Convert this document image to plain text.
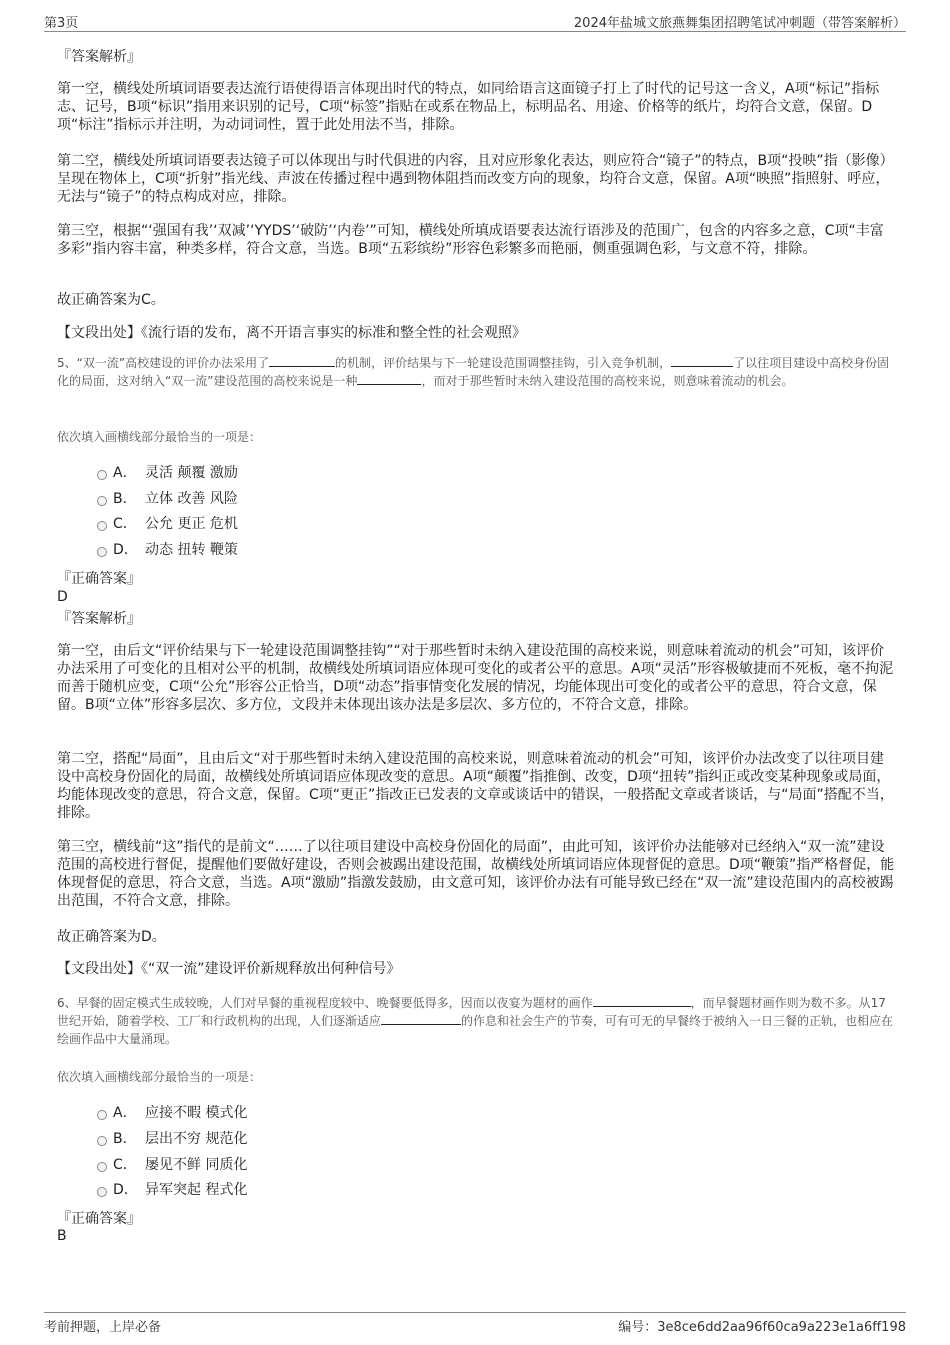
第3页	2024年盐城文旅燕舞集团招聘笔试冲刺题（带答案解析）
『答案解析』
第一空，横线处所填词语要表达流行语使得语言体现出时代的特点，如同给语言这面镜子打上了时代的记号这一含义，A项“标记”指标志、记号，B项“标识”指用来识别的记号，C项“标签”指贴在或系在物品上，标明品名、用途、价格等的纸片，均符合文意，保留。D项“标注”指标示并注明，为动词词性，置于此处用法不当，排除。
第二空，横线处所填词语要表达镜子可以体现出与时代俱进的内容，且对应形象化表达，则应符合“镜子”的特点，B项“投映”指（影像）呈现在物体上，C项“折射”指光线、声波在传播过程中遇到物体阻挡而改变方向的现象，均符合文意，保留。A项“映照”指照射、呼应，无法与“镜子”的特点构成对应，排除。
第三空，根据“‘强国有我’‘双减’‘YYDS’‘破防’‘内卷’”可知，横线处所填成语要表达流行语涉及的范围广，包含的内容多之意，C项“丰富多彩”指内容丰富，种类多样，符合文意，当选。B项“五彩缤纷”形容色彩繁多而艳丽，侧重强调色彩，与文意不符，排除。
故正确答案为C。
【文段出处】《流行语的发布，离不开语言事实的标准和整全性的社会观照》
5、“双一流”高校建设的评价办法采用了	的机制，评价结果与下一轮建设范围调整挂钩，引入竞争机制，	了以往项目建设中高校身份固化的局面，这对纳入“双一流”建设范围的高校来说是一种	，而对于那些暂时未纳入建设范围的高校来说，则意味着流动的机会。
依次填入画横线部分最恰当的一项是：
A． 灵活 颠覆 激励
B． 立体 改善 风险
C． 公允 更正 危机
D． 动态 扭转 鞭策
『正确答案』
D
『答案解析』
第一空，由后文“评价结果与下一轮建设范围调整挂钩”“对于那些暂时未纳入建设范围的高校来说，则意味着流动的机会”可知，该评价办法采用了可变化的且相对公平的机制，故横线处所填词语应体现可变化的或者公平的意思。A项“灵活”形容极敏捷而不死板，毫不拘泥而善于随机应变，C项“公允”形容公正恰当，D项“动态”指事情变化发展的情况，均能体现出可变化的或者公平的意思，符合文意，保留。B项“立体”形容多层次、多方位，文段并未体现出该办法是多层次、多方位的，不符合文意，排除。
第二空，搭配“局面”，且由后文“对于那些暂时未纳入建设范围的高校来说，则意味着流动的机会”可知，该评价办法改变了以往项目建设中高校身份固化的局面，故横线处所填词语应体现改变的意思。A项“颠覆”指推倒、改变，D项“扭转”指纠正或改变某种现象或局面，均能体现改变的意思，符合文意，保留。C项“更正”指改正已发表的文章或谈话中的错误，一般搭配文章或者谈话，与“局面”搭配不当，排除。
第三空，横线前“这”指代的是前文“……了以往项目建设中高校身份固化的局面”，由此可知，该评价办法能够对已经纳入“双一流”建设范围的高校进行督促，提醒他们要做好建设，否则会被踢出建设范围，故横线处所填词语应体现督促的意思。D项“鞭策”指严格督促，能体现督促的意思，符合文意，当选。A项“激励”指激发鼓励，由文意可知，该评价办法有可能导致已经在“双一流”建设范围内的高校被踢出范围，不符合文意，排除。
故正确答案为D。
【文段出处】《“双一流”建设评价新规释放出何种信号》
6、早餐的固定模式生成较晚，人们对早餐的重视程度较中、晚餐要低得多，因而以夜宴为题材的画作	，而早餐题材画作则为数不多。从17世纪开始，随着学校、工厂和行政机构的出现，人们逐渐适应	的作息和社会生产的节奏，可有可无的早餐终于被纳入一日三餐的正轨，也相应在绘画作品中大量涌现。
依次填入画横线部分最恰当的一项是：
A． 应接不暇 模式化
B． 层出不穷 规范化
C． 屡见不鲜 同质化
D． 异军突起 程式化
『正确答案』
B
考前押题，上岸必备	编号：3e8ce6dd2aa96f60ca9a223e1a6ff198
